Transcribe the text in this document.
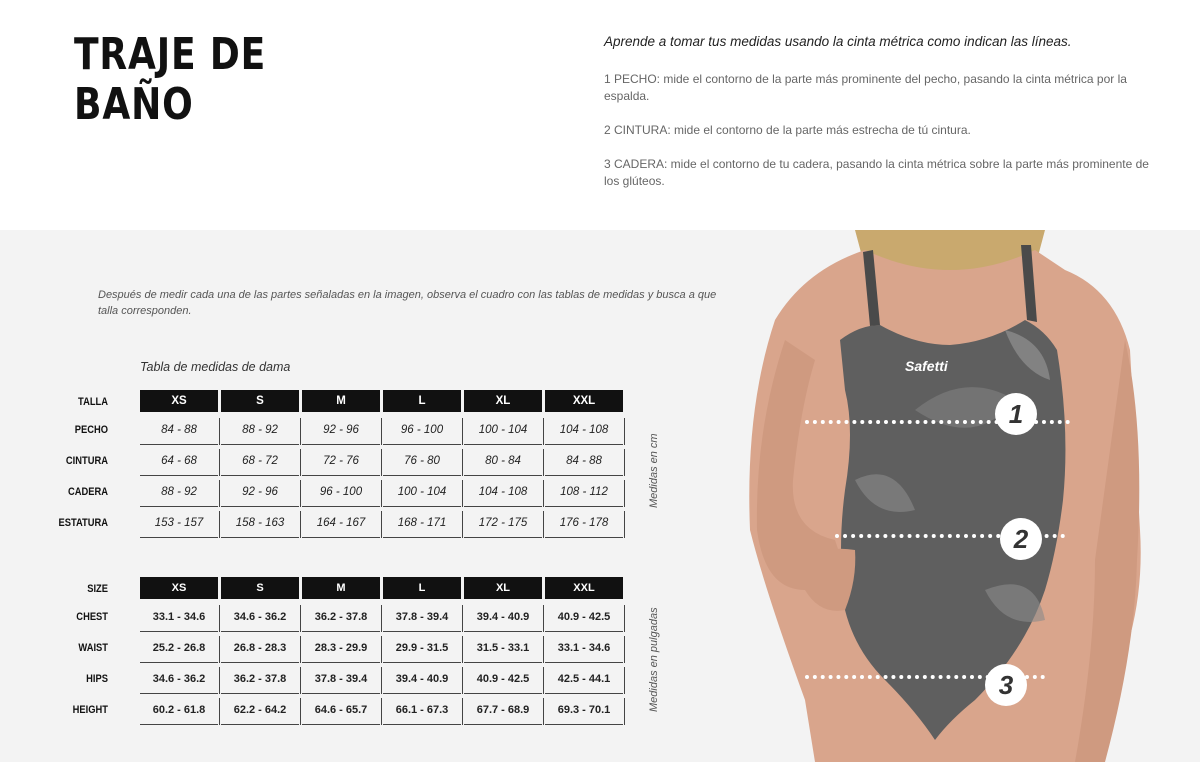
TRAJE DE
BAÑO

Aprende a tomar tus medidas usando la cinta métrica como indican las líneas.

1 PECHO: mide el contorno de la parte más prominente del pecho, pasando la cinta métrica por la espalda.

2 CINTURA: mide el contorno de la parte más estrecha de tú cintura.

3 CADERA: mide el contorno de tu cadera, pasando la cinta métrica sobre la parte más prominente de los glúteos.

Después de medir cada una de las partes señaladas en la imagen, observa el cuadro con las tablas de medidas y busca a que talla corresponden.

Tabla de medidas de dama

TALLA	XS	S	M	L	XL	XXL
PECHO	84 - 88	88 - 92	92 - 96	96 - 100	100 - 104	104 - 108
CINTURA	64 - 68	68 - 72	72 - 76	76 - 80	80 - 84	84 - 88
CADERA	88 - 92	92 - 96	96 - 100	100 - 104	104 - 108	108 - 112
ESTATURA	153 - 157	158 - 163	164 - 167	168 - 171	172 - 175	176 - 178
Medidas en cm
SIZE	XS	S	M	L	XL	XXL
CHEST	33.1 - 34.6	34.6 - 36.2	36.2 - 37.8	37.8 - 39.4	39.4 - 40.9	40.9 - 42.5
WAIST	25.2 - 26.8	26.8 - 28.3	28.3 - 29.9	29.9 - 31.5	31.5 - 33.1	33.1 - 34.6
HIPS	34.6 - 36.2	36.2 - 37.8	37.8 - 39.4	39.4 - 40.9	40.9 - 42.5	42.5 - 44.1
HEIGHT	60.2 - 61.8	62.2 - 64.2	64.6 - 65.7	66.1 - 67.3	67.7 - 68.9	69.3 - 70.1	Medidas en pulgadas
Safetti
1
2
3
